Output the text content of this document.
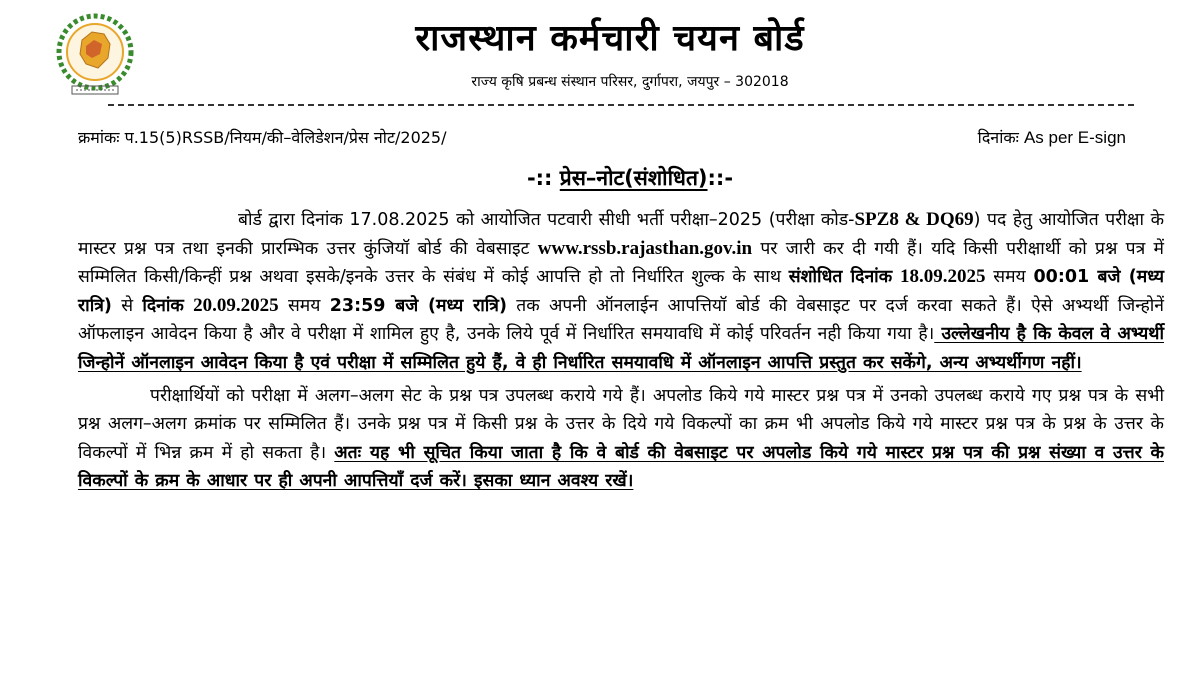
राजस्थान कर्मचारी चयन बोर्ड
राज्य कृषि प्रबन्ध संस्थान परिसर, दुर्गापरा, जयपुर – 302018
क्रमांकः प.15(5)RSSB/नियम/की–वेलिडेशन/प्रेस नोट/2025/	दिनांकः As per E-sign
-:: प्रेस–नोट(संशोधित)::-

बोर्ड द्वारा दिनांक 17.08.2025 को आयोजित पटवारी सीधी भर्ती परीक्षा–2025 (परीक्षा कोड-SPZ8 & DQ69) पद हेतु आयोजित परीक्षा के मास्टर प्रश्न पत्र तथा इनकी प्रारम्भिक उत्तर कुंजियॉ बोर्ड की वेबसाइट www.rssb.rajasthan.gov.in पर जारी कर दी गयी हैं। यदि किसी परीक्षार्थी को प्रश्न पत्र में सम्मिलित किसी/किन्हीं प्रश्न अथवा इसके/इनके उत्तर के संबंध में कोई आपत्ति हो तो निर्धारित शुल्क के साथ संशोधित दिनांक 18.09.2025 समय 00:01 बजे (मध्य रात्रि) से दिनांक 20.09.2025 समय 23:59 बजे (मध्य रात्रि) तक अपनी ऑनलाईन आपत्तियॉ बोर्ड की वेबसाइट पर दर्ज करवा सकते हैं। ऐसे अभ्यर्थी जिन्होनें ऑफलाइन आवेदन किया है और वे परीक्षा में शामिल हुए है, उनके लिये पूर्व में निर्धारित समयावधि में कोई परिवर्तन नही किया गया है। उल्लेखनीय है कि केवल वे अभ्यर्थी जिन्होनें ऑनलाइन आवेदन किया है एवं परीक्षा में सम्मिलित हुये हैं, वे ही निर्धारित समयावधि में ऑनलाइन आपत्ति प्रस्तुत कर सकेंगे, अन्य अभ्यर्थीगण नहीं।

परीक्षार्थियों को परीक्षा में अलग–अलग सेट के प्रश्न पत्र उपलब्ध कराये गये हैं। अपलोड किये गये मास्टर प्रश्न पत्र में उनको उपलब्ध कराये गए प्रश्न पत्र के सभी प्रश्न अलग–अलग क्रमांक पर सम्मिलित हैं। उनके प्रश्न पत्र में किसी प्रश्न के उत्तर के दिये गये विकल्पों का क्रम भी अपलोड किये गये मास्टर प्रश्न पत्र के प्रश्न के उत्तर के विकल्पों में भिन्न क्रम में हो सकता है। अतः यह भी सूचित किया जाता है कि वे बोर्ड की वेबसाइट पर अपलोड किये गये मास्टर प्रश्न पत्र की प्रश्न संख्या व उत्तर के विकल्पों के क्रम के आधार पर ही अपनी आपत्तियाँ दर्ज करें। इसका ध्यान अवश्य रखें।
